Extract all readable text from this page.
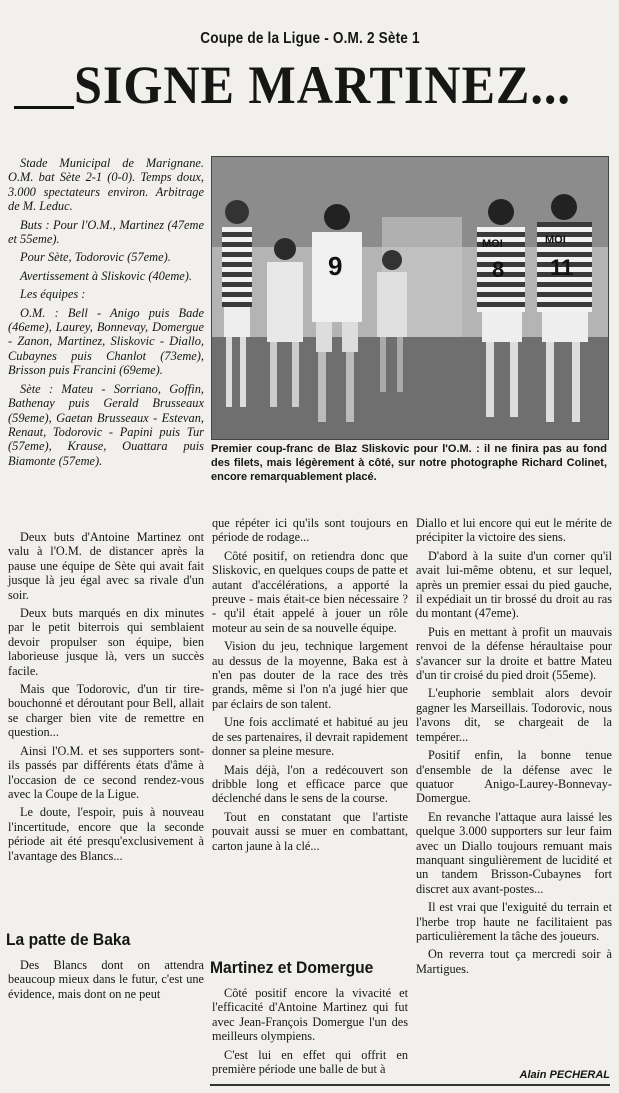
Coupe de la Ligue - O.M. 2 Sète 1
SIGNE MARTINEZ...
9	8 11
MOI	MOI
Premier coup-franc de Blaz Sliskovic pour l'O.M. : il ne finira pas au fond des filets, mais légèrement à côté, sur notre photographe Richard Colinet, encore remarquablement placé.

Stade Municipal de Marignane. O.M. bat Sète 2-1 (0-0). Temps doux, 3.000 spectateurs environ. Arbitrage de M. Leduc.

Buts : Pour l'O.M., Martinez (47eme et 55eme).

Pour Sète, Todorovic (57eme).

Avertissement à Sliskovic (40eme).

Les équipes :

O.M. : Bell - Anigo puis Bade (46eme), Laurey, Bonnevay, Domergue - Zanon, Martinez, Sliskovic - Diallo, Cubaynes puis Chanlot (73eme), Brisson puis Francini (69eme).

Sète : Mateu - Sorriano, Goffin, Bathenay puis Gerald Brusseaux (59eme), Gaetan Brusseaux - Estevan, Renaut, Todorovic - Papini puis Tur (57eme), Krause, Ouattara puis Biamonte (57eme).

Deux buts d'Antoine Martinez ont valu à l'O.M. de distancer après la pause une équipe de Sète qui avait fait jusque là jeu égal avec sa rivale d'un soir.

Deux buts marqués en dix minutes par le petit biterrois qui semblaient devoir propulser son équipe, bien laborieuse jusque là, vers un succès facile.

Mais que Todorovic, d'un tir tire-bouchonné et déroutant pour Bell, allait se charger bien vite de remettre en question...

Ainsi l'O.M. et ses supporters sont-ils passés par différents états d'âme à l'occasion de ce second rendez-vous avec la Coupe de la Ligue.

Le doute, l'espoir, puis à nouveau l'incertitude, encore que la seconde période ait été presqu'exclusivement à l'avantage des Blancs...

La patte de Baka

Des Blancs dont on attendra beaucoup mieux dans le futur, c'est une évidence, mais dont on ne peut

que répéter ici qu'ils sont toujours en période de rodage...

Côté positif, on retiendra donc que Sliskovic, en quelques coups de patte et autant d'accélérations, a apporté la preuve - mais était-ce bien nécessaire ? - qu'il était appelé à jouer un rôle moteur au sein de sa nouvelle équipe.

Vision du jeu, technique largement au dessus de la moyenne, Baka est à n'en pas douter de la race des très grands, même si l'on n'a jugé hier que par éclairs de son talent.

Une fois acclimaté et habitué au jeu de ses partenaires, il devrait rapidement donner sa pleine mesure.

Mais déjà, l'on a redécouvert son dribble long et efficace parce que déclenché dans le sens de la course.

Tout en constatant que l'artiste pouvait aussi se muer en combattant, carton jaune à la clé...

Martinez et Domergue

Côté positif encore la vivacité et l'efficacité d'Antoine Martinez qui fut avec Jean-François Domergue l'un des meilleurs olympiens.

C'est lui en effet qui offrit en première période une balle de but à

Diallo et lui encore qui eut le mérite de précipiter la victoire des siens.

D'abord à la suite d'un corner qu'il avait lui-même obtenu, et sur lequel, après un premier essai du pied gauche, il expédiait un tir brossé du droit au ras du montant (47eme).

Puis en mettant à profit un mauvais renvoi de la défense héraultaise pour s'avancer sur la droite et battre Mateu d'un tir croisé du pied droit (55eme).

L'euphorie semblait alors devoir gagner les Marseillais. Todorovic, nous l'avons dit, se chargeait de la tempérer...

Positif enfin, la bonne tenue d'ensemble de la défense avec le quatuor Anigo-Laurey-Bonnevay-Domergue.

En revanche l'attaque aura laissé les quelque 3.000 supporters sur leur faim avec un Diallo toujours remuant mais manquant singulièrement de lucidité et un tandem Brisson-Cubaynes fort discret aux avant-postes...

Il est vrai que l'exiguité du terrain et l'herbe trop haute ne facilitaient pas particulièrement la tâche des joueurs.

On reverra tout ça mercredi soir à Martigues.

Alain PECHERAL
